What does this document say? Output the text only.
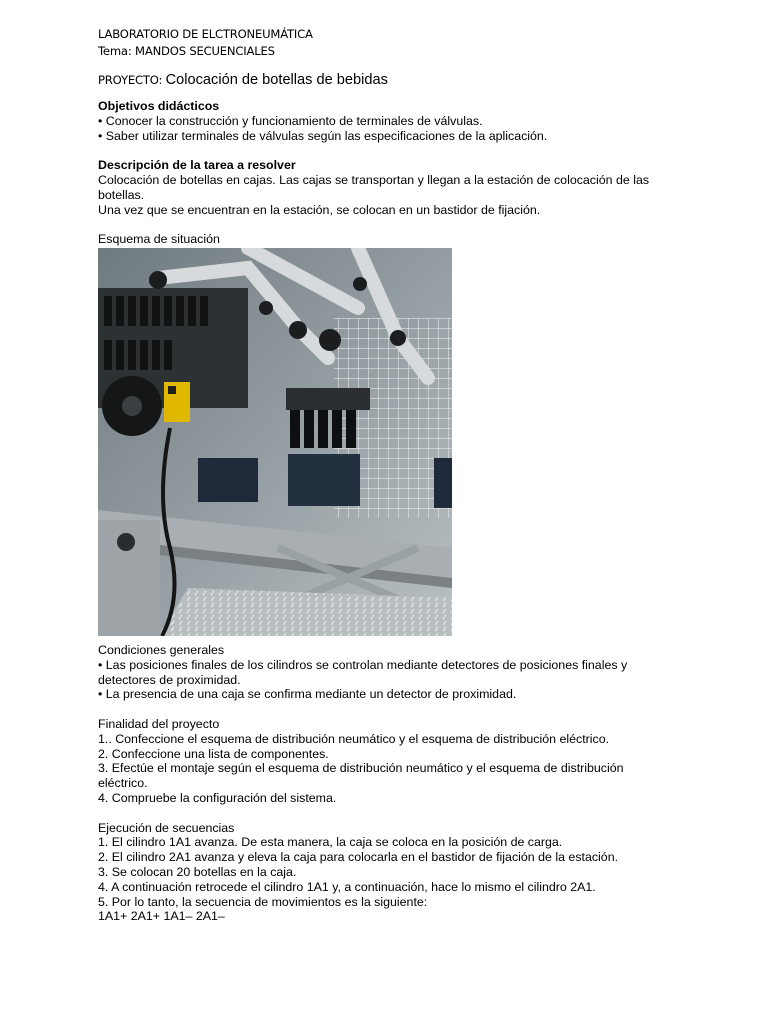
LABORATORIO DE ELCTRONEUMÁTICA

Tema: MANDOS SECUENCIALES

PROYECTO: Colocación de botellas de bebidas

Objetivos didácticos

• Conocer la construcción y funcionamiento de terminales de válvulas.

• Saber utilizar terminales de válvulas según las especificaciones de la aplicación.

Descripción de la tarea a resolver

Colocación de botellas en cajas. Las cajas se transportan y llegan a la estación de colocación de las

botellas.

Una vez que se encuentran en la estación, se colocan en un bastidor de fijación.

Esquema de situación

Condiciones generales

• Las posiciones finales de los cilindros se controlan mediante detectores de posiciones finales y

detectores de proximidad.

• La presencia de una caja se confirma mediante un detector de proximidad.

Finalidad del proyecto

1.. Confeccione el esquema de distribución neumático y el esquema de distribución eléctrico.

2. Confeccione una lista de componentes.

3. Efectúe el montaje según el esquema de distribución neumático y el esquema de distribución

eléctrico.

4. Compruebe la configuración del sistema.

Ejecución de secuencias

1. El cilindro 1A1 avanza. De esta manera, la caja se coloca en la posición de carga.

2. El cilindro 2A1 avanza y eleva la caja para colocarla en el bastidor de fijación de la estación.

3. Se colocan 20 botellas en la caja.

4. A continuación retrocede el cilindro 1A1 y, a continuación, hace lo mismo el cilindro 2A1.

5. Por lo tanto, la secuencia de movimientos es la siguiente:

1A1+ 2A1+ 1A1– 2A1–
